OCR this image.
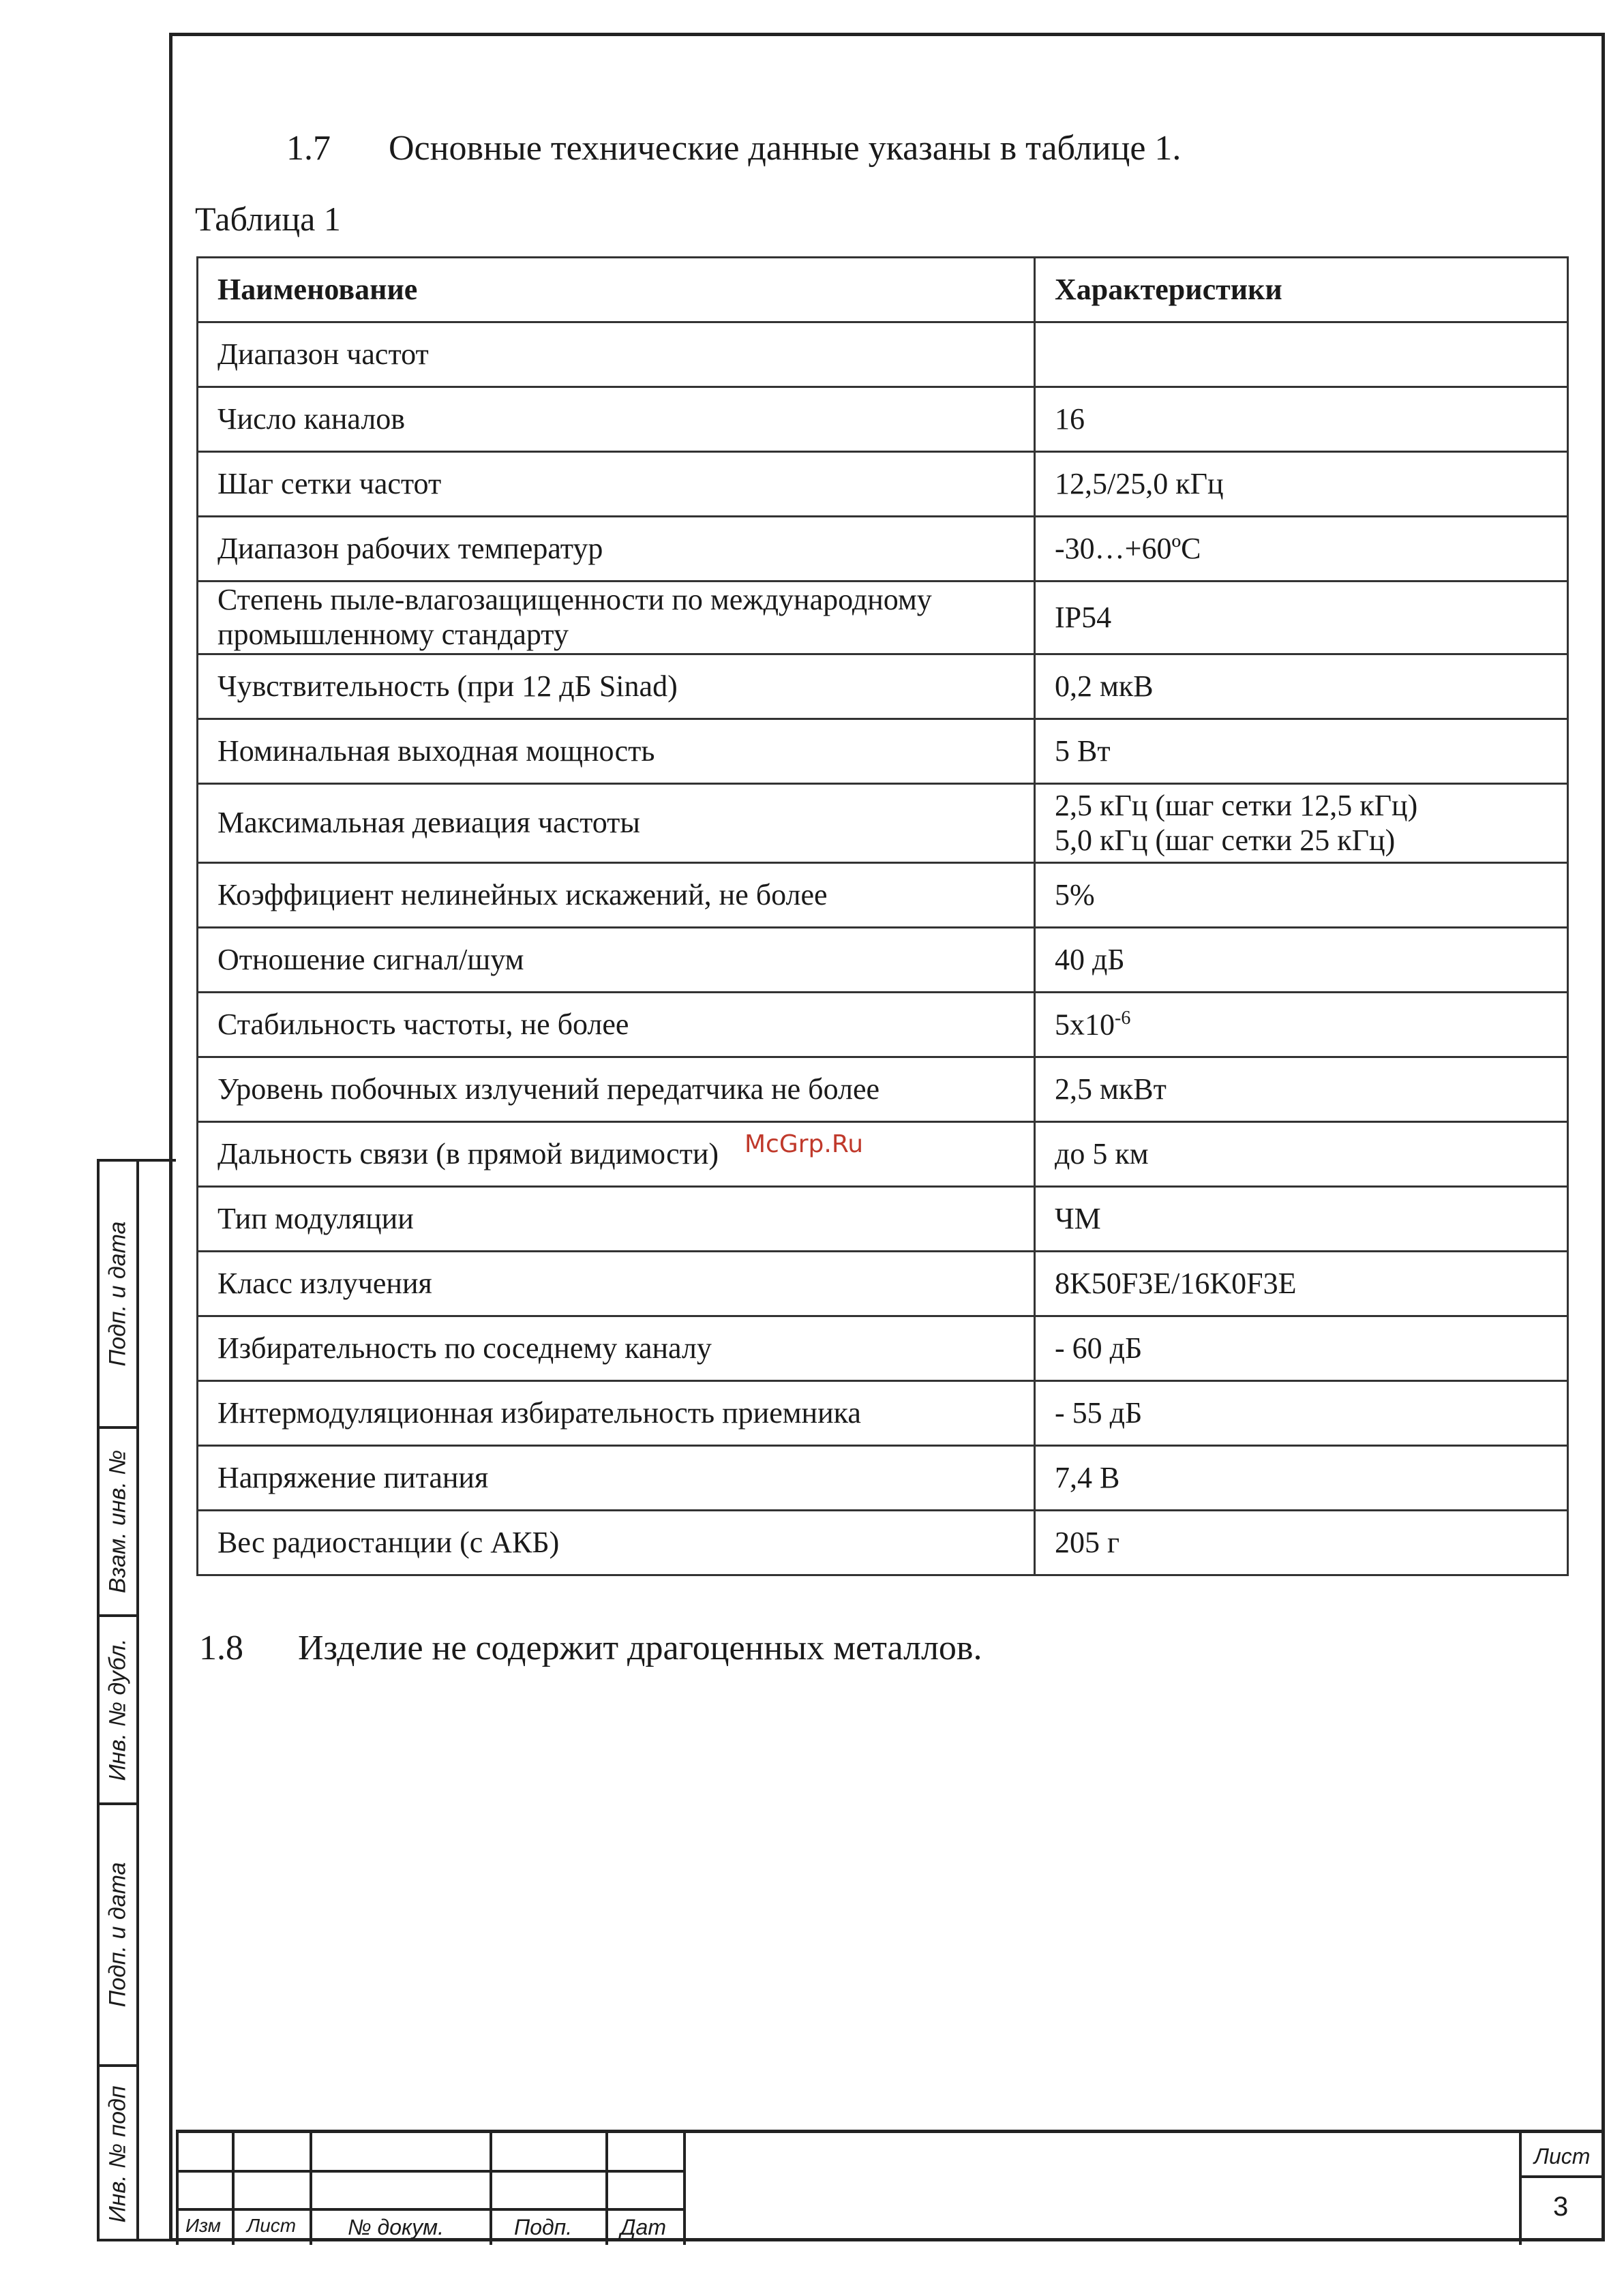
1.7 Основные технические данные указаны в таблице 1.
Таблица 1
Наименование	Характеристики
Диапазон частот	
Число каналов	16
Шаг сетки частот	12,5/25,0 кГц
Диапазон рабочих температур	-30…+60ºС
Степень пыле-влагозащищенности по международному промышленному стандарту	IP54
Чувствительность (при 12 дБ Sinad)	0,2 мкВ
Номинальная выходная мощность	5 Вт
Максимальная девиация частоты	2,5 кГц (шаг сетки 12,5 кГц)
5,0 кГц (шаг сетки 25 кГц)
Коэффициент нелинейных искажений, не более	5%
Отношение сигнал/шум	40 дБ
Стабильность частоты, не более	$5x10^{-6}$
Уровень побочных излучений передатчика не более	2,5 мкВт
Дальность связи (в прямой видимости)	до 5 км
Тип модуляции	ЧМ
Класс излучения	8K50F3E/16K0F3E
Избирательность по соседнему каналу	- 60 дБ
Интермодуляционная избирательность приемника	- 55 дБ
Напряжение питания	7,4 В
Вес радиостанции (с АКБ)	205 г
McGrp.Ru
1.8 Изделие не содержит драгоценных металлов.
Подп. и дата
Взам. инв. №
Инв. № дубл.
Подп. и дата
Инв. № подп
Изм Лист № докум.	Подп. Дат
Лист
3
